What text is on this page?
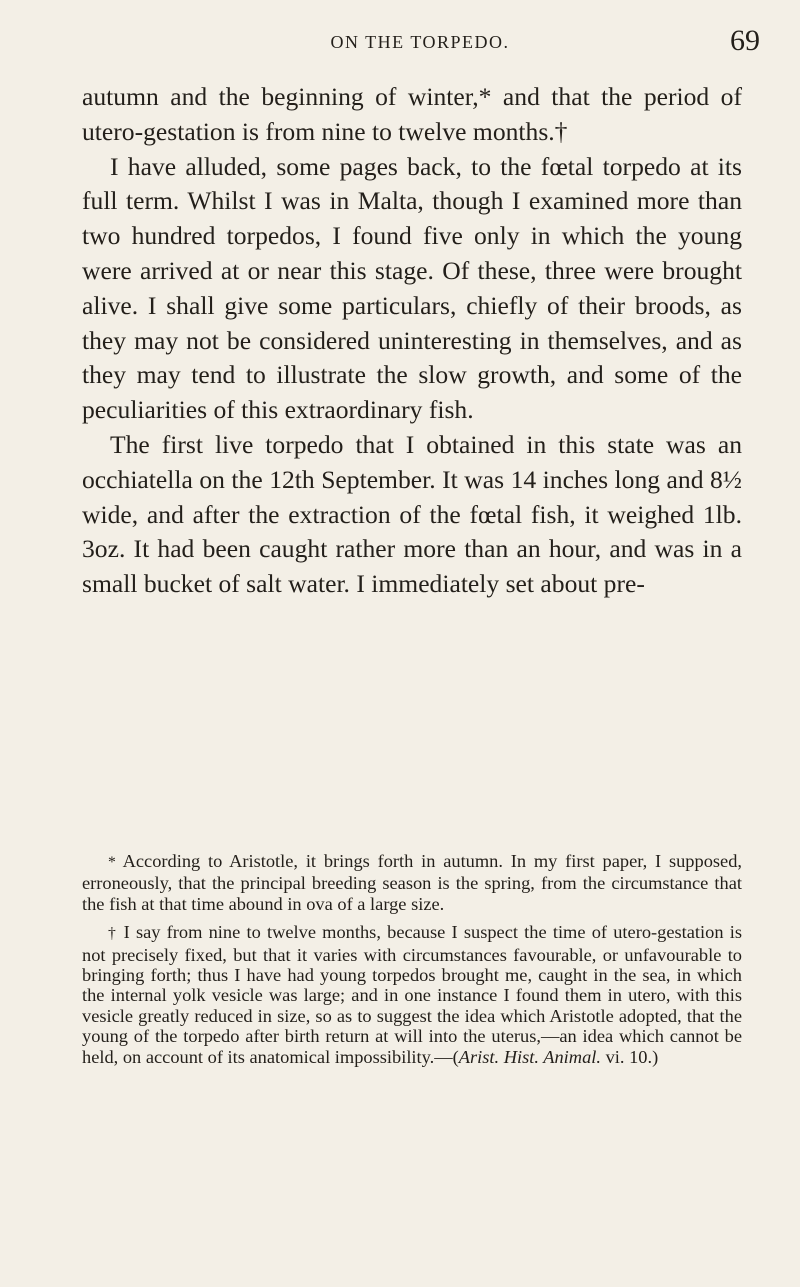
ON THE TORPEDO.	69

autumn and the beginning of winter,* and that the period of utero-gestation is from nine to twelve months.†

I have alluded, some pages back, to the fœtal torpedo at its full term. Whilst I was in Malta, though I examined more than two hundred torpedos, I found five only in which the young were arrived at or near this stage. Of these, three were brought alive. I shall give some particulars, chiefly of their broods, as they may not be considered uninteresting in themselves, and as they may tend to illustrate the slow growth, and some of the peculiarities of this extraordinary fish.

The first live torpedo that I obtained in this state was an occhiatella on the 12th September. It was 14 inches long and 8½ wide, and after the extraction of the fœtal fish, it weighed 1lb. 3oz. It had been caught rather more than an hour, and was in a small bucket of salt water. I immediately set about pre-

* According to Aristotle, it brings forth in autumn. In my first paper, I supposed, erroneously, that the principal breeding season is the spring, from the circumstance that the fish at that time abound in ova of a large size.

† I say from nine to twelve months, because I suspect the time of utero-gestation is not precisely fixed, but that it varies with circumstances favourable, or unfavourable to bringing forth; thus I have had young torpedos brought me, caught in the sea, in which the internal yolk vesicle was large; and in one instance I found them in utero, with this vesicle greatly reduced in size, so as to suggest the idea which Aristotle adopted, that the young of the torpedo after birth return at will into the uterus,—an idea which cannot be held, on account of its anatomical impossibility.—(Arist. Hist. Animal. vi. 10.)
